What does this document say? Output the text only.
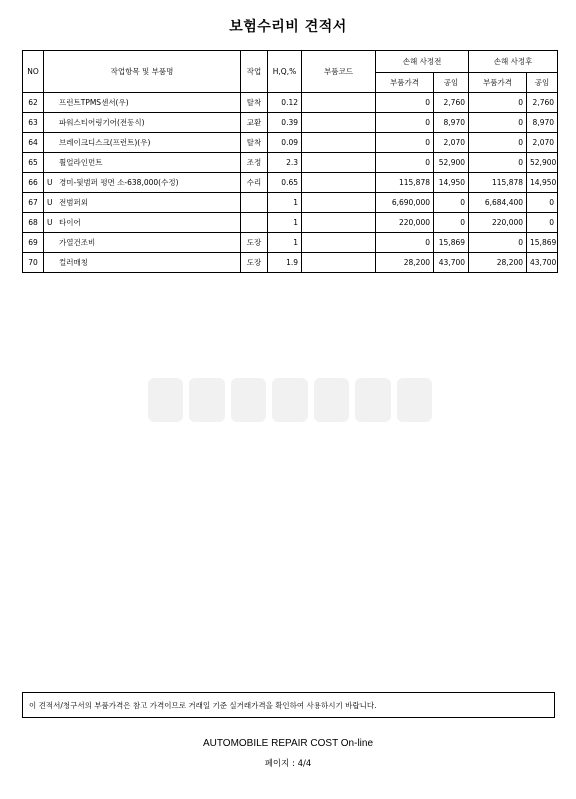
보험수리비 견적서
NO	작업항목 및 부품명	작업	H,Q,%	부품코드	손해 사정전		손해 사정후	
					부품가격	공임	부품가격	공임
62	프런트TPMS센서(우)	탈착	0.12		0	2,760	0	2,760
63	파워스티어링기어(전동식)	교환	0.39		0	8,970	0	8,970
64	브레이크디스크(프런트)(우)	탈착	0.09		0	2,070	0	2,070
65	휠얼라인먼트	조정	2.3		0	52,900	0	52,900
66	U 경미-뒷범퍼 평면 소-638,000(수정)	수리	0.65		115,878	14,950	115,878	14,950
67	U 전범퍼외		1		6,690,000	0	6,684,400	0
68	U 타이어		1		220,000	0	220,000	0
69	가열건조비	도장	1		0	15,869	0	15,869
70	컬러매칭	도장	1.9		28,200	43,700	28,200	43,700
이 견적서/청구서의 부품가격은 참고 가격이므로 거래일 기준 실거래가격을 확인하여 사용하시기 바랍니다.
AUTOMOBILE REPAIR COST On-line
페이지 : 4/4
